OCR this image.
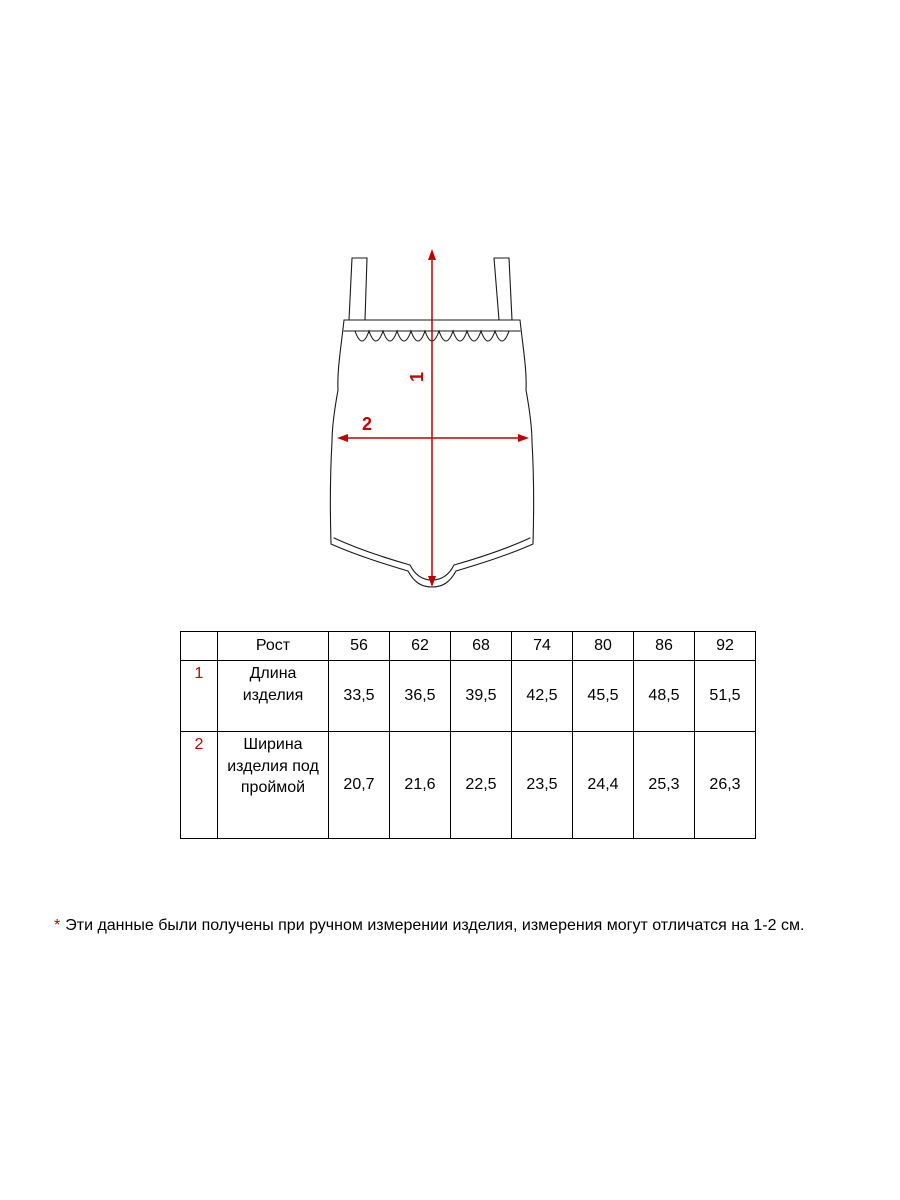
1
2
	Рост	56	62	68	74	80	86	92
1	Длина изделия	33,5	36,5	39,5	42,5	45,5	48,5	51,5
2	Ширина изделия под проймой	20,7	21,6	22,5	23,5	24,4	25,3	26,3

* Эти данные были получены при ручном измерении изделия, измерения могут отличатся на 1-2 см.
